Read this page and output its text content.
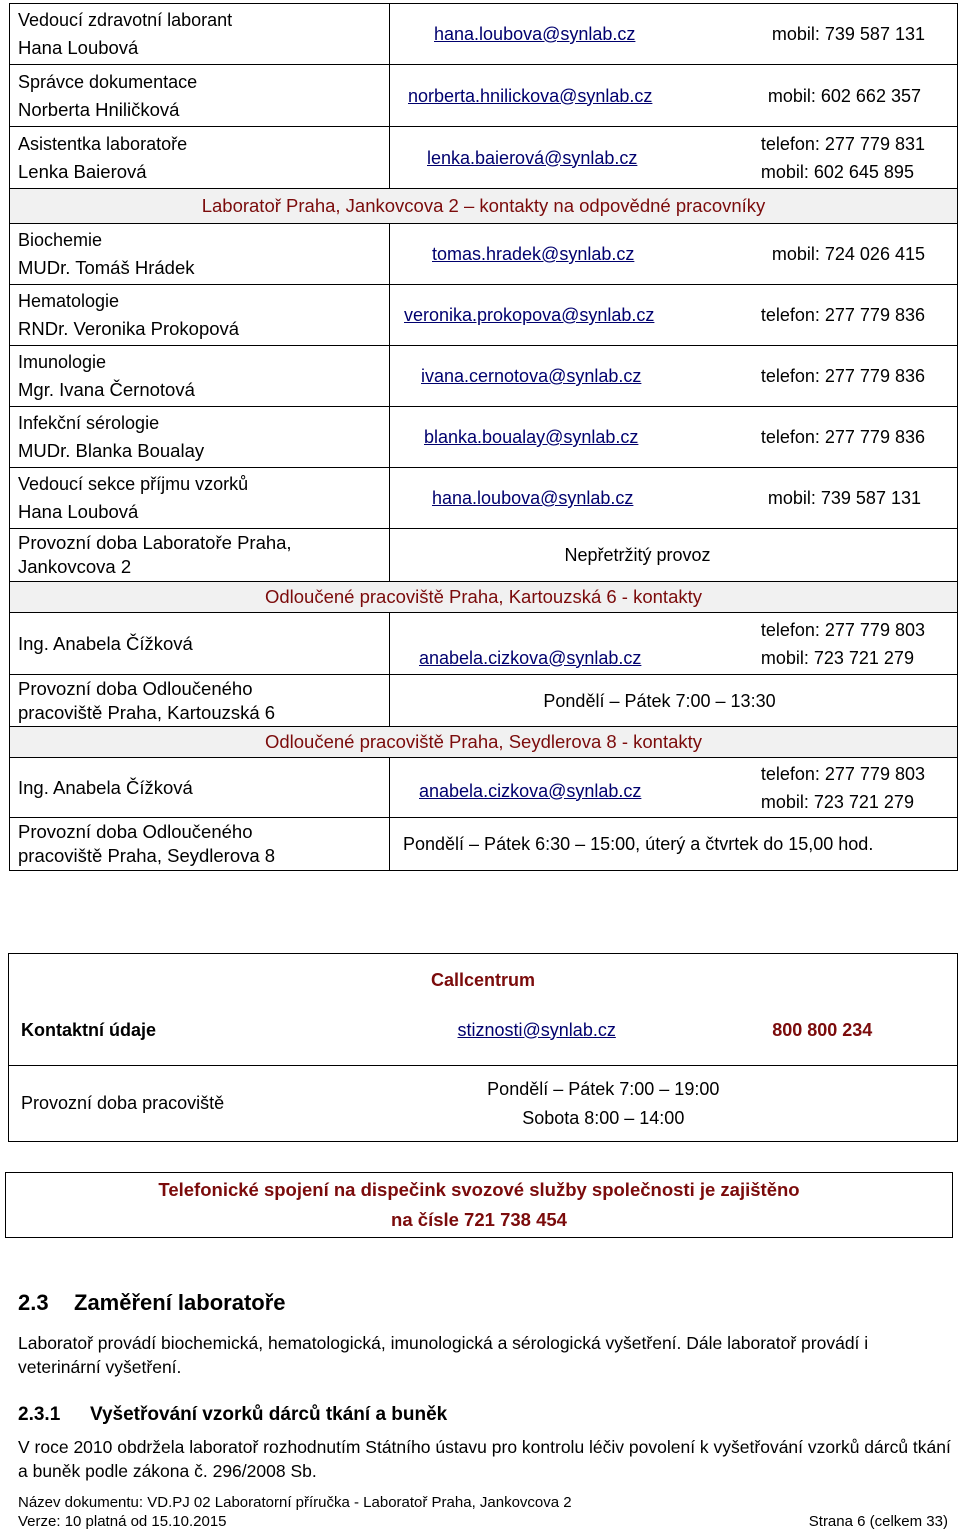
Vedoucí zdravotní laborant
Hana Loubová	hana.loubova@synlab.cz mobil: 739 587 131

Správce dokumentace
Norberta Hniličková	norberta.hnilickova@synlab.cz mobil: 602 662 357

Asistentka laboratoře
Lenka Baierová	lenka.baierová@synlab.cz
telefon: 277 779 831
mobil: 602 645 895

Laboratoř Praha, Jankovcova 2 – kontakty na odpovědné pracovníky	

Biochemie
MUDr. Tomáš Hrádek	tomas.hradek@synlab.cz mobil: 724 026 415

Hematologie
RNDr. Veronika Prokopová	veronika.prokopova@synlab.cz telefon: 277 779 836

Imunologie
Mgr. Ivana Černotová	ivana.cernotova@synlab.cz telefon: 277 779 836

Infekční sérologie
MUDr. Blanka Boualay	blanka.boualay@synlab.cz telefon: 277 779 836

Vedoucí sekce příjmu vzorků
Hana Loubová	hana.loubova@synlab.cz mobil: 739 587 131

Provozní doba Laboratoře Praha,
Jankovcova 2	Nepřetržitý provoz
Odloučené pracoviště Praha, Kartouzská 6 - kontakty	
Ing. Anabela Čížková	anabela.cizkova@synlab.cz
telefon: 277 779 803
mobil: 723 721 279

Provozní doba Odloučeného
pracoviště Praha, Kartouzská 6	Pondělí – Pátek 7:00 – 13:30
Odloučené pracoviště Praha, Seydlerova 8 - kontakty	
Ing. Anabela Čížková	anabela.cizkova@synlab.cz
telefon: 277 779 803
mobil: 723 721 279

Provozní doba Odloučeného
pracoviště Praha, Seydlerova 8	Pondělí – Pátek 6:30 – 15:00, úterý a čtvrtek do 15,00 hod.
Callcentrum		
Kontaktní údaje	stiznosti@synlab.cz	800 800 234
Provozní doba pracoviště	Pondělí – Pátek 7:00 – 19:00
Sobota 8:00 – 14:00	
Telefonické spojení na dispečink svozové služby společnosti je zajištěno
na čísle 721 738 454
2.3 Zaměření laboratoře
Laboratoř provádí biochemická, hematologická, imunologická a sérologická vyšetření. Dále laboratoř provádí i veterinární vyšetření.
2.3.1 Vyšetřování vzorků dárců tkání a buněk
V roce 2010 obdržela laboratoř rozhodnutím Státního ústavu pro kontrolu léčiv povolení k vyšetřování vzorků dárců tkání a buněk podle zákona č. 296/2008 Sb.
Název dokumentu: VD.PJ 02 Laboratorní příručka - Laboratoř Praha, Jankovcova 2
Verze: 10 platná od 15.10.2015	Strana 6 (celkem 33)
